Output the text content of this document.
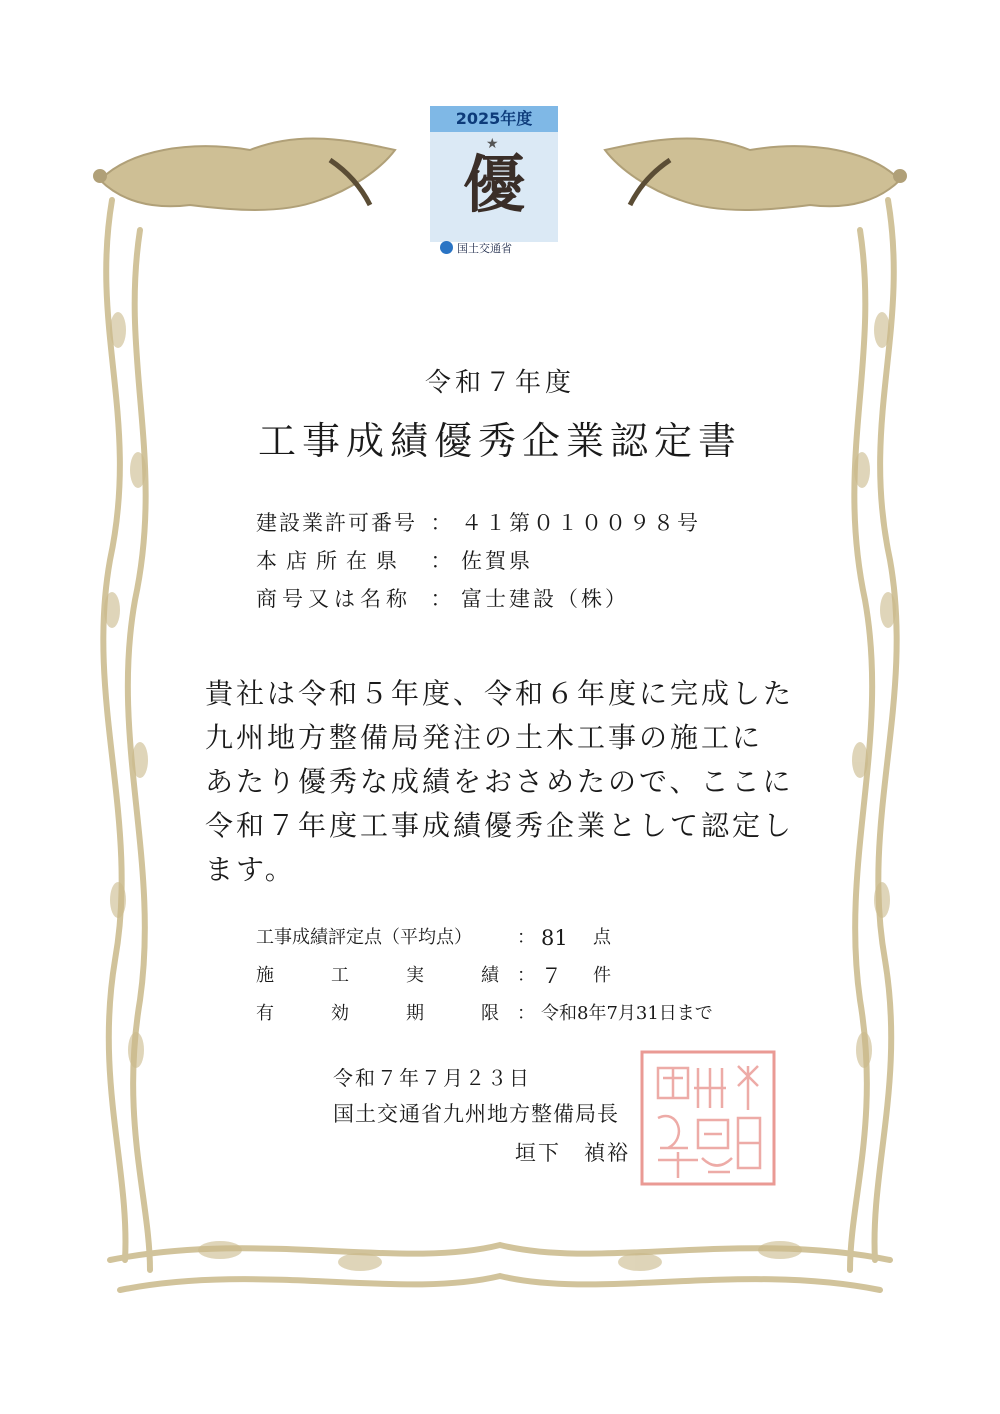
2025年度
★
優
国土交通省
令和７年度
工事成績優秀企業認定書
建設業許可番号 ： ４１第０１００９８号
本店所在県	： 佐賀県
商号又は名称 ： 富士建設（株）
貴社は令和５年度、令和６年度に完成した
九州地方整備局発注の土木工事の施工に
あたり優秀な成績をおさめたので、ここに
令和７年度工事成績優秀企業として認定し
ます。
工事成績評定点（平均点）	： 81	点
施	工	実	績	： ７	件
有	効	期	限	： 令和8年7月31日まで
令和７年７月２３日
国土交通省九州地方整備局長
垣下　禎裕
